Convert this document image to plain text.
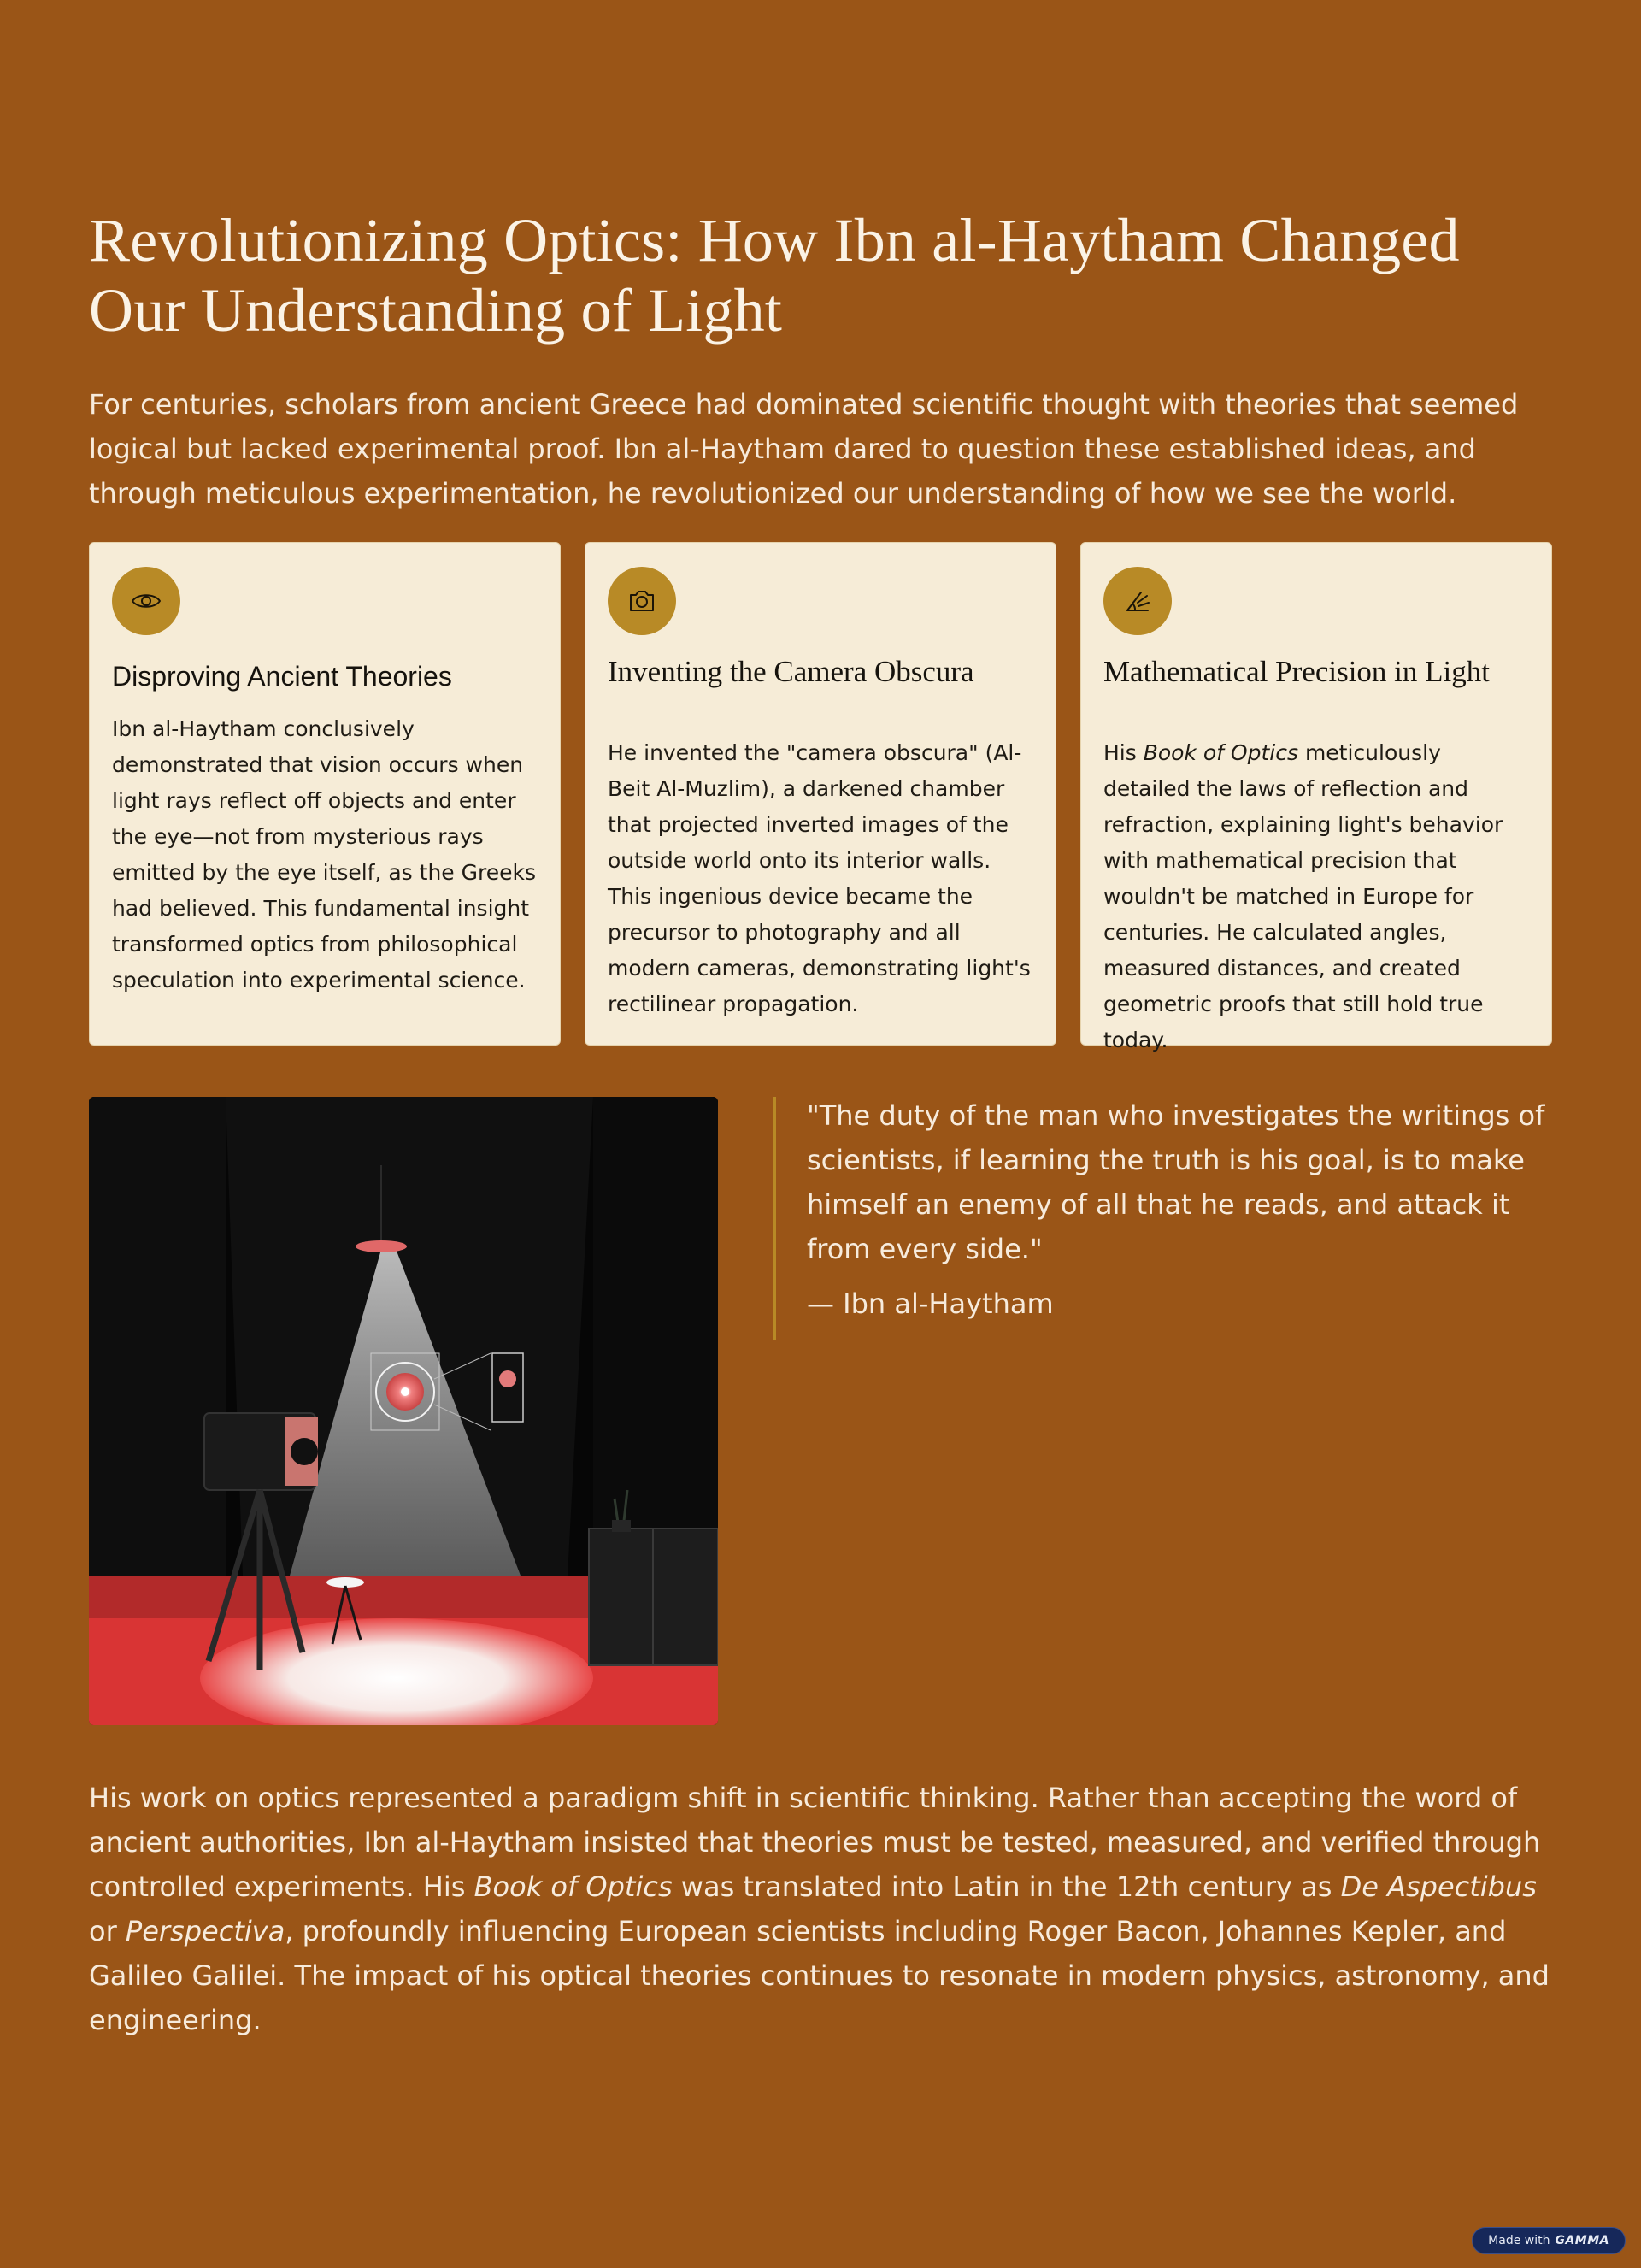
Revolutionizing Optics: How Ibn al-Haytham Changed Our Understanding of Light

For centuries, scholars from ancient Greece had dominated scientific thought with theories that seemed logical but lacked experimental proof. Ibn al-Haytham dared to question these established ideas, and through meticulous experimentation, he revolutionized our understanding of how we see the world.

Disproving Ancient Theories

Ibn al-Haytham conclusively demonstrated that vision occurs when light rays reflect off objects and enter the eye—not from mysterious rays emitted by the eye itself, as the Greeks had believed. This fundamental insight transformed optics from philosophical speculation into experimental science.

Inventing the Camera Obscura

He invented the "camera obscura" (Al-Beit Al-Muzlim), a darkened chamber that projected inverted images of the outside world onto its interior walls. This ingenious device became the precursor to photography and all modern cameras, demonstrating light's rectilinear propagation.

Mathematical Precision in Light

His Book of Optics meticulously detailed the laws of reflection and refraction, explaining light's behavior with mathematical precision that wouldn't be matched in Europe for centuries. He calculated angles, measured distances, and created geometric proofs that still hold true today.

"The duty of the man who investigates the writings of scientists, if learning the truth is his goal, is to make himself an enemy of all that he reads, and attack it from every side."

— Ibn al-Haytham

His work on optics represented a paradigm shift in scientific thinking. Rather than accepting the word of ancient authorities, Ibn al-Haytham insisted that theories must be tested, measured, and verified through controlled experiments. His Book of Optics was translated into Latin in the 12th century as De Aspectibus or Perspectiva, profoundly influencing European scientists including Roger Bacon, Johannes Kepler, and Galileo Galilei. The impact of his optical theories continues to resonate in modern physics, astronomy, and engineering.

Made with GAMMA
